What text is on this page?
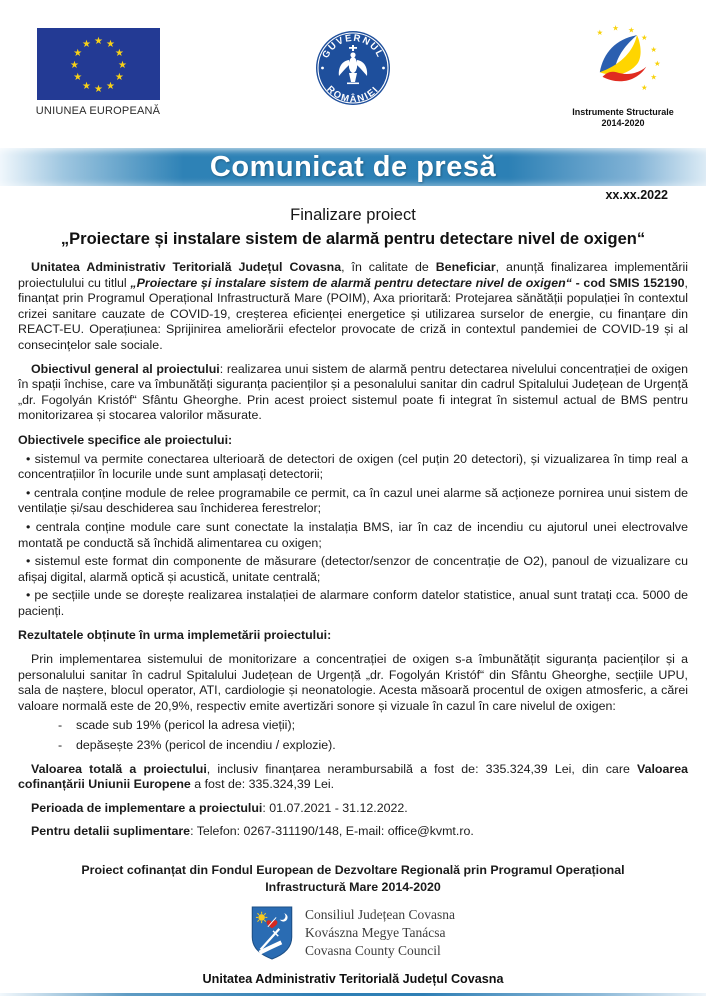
★ ★
★
★
★
★
★
★
★
★
★
★
UNIUNEA EUROPEANĂ
GUVERNUL
ROMÂNIEI
★
★ ★
★
★
★
★
★
Instrumente Structurale
2014-2020
Comunicat de presă
xx.xx.2022
Finalizare proiect
„Proiectare și instalare sistem de alarmă pentru detectare nivel de oxigen“

Unitatea Administrativ Teritorială Județul Covasna, în calitate de Beneficiar, anunță finalizarea implementării proiectulului cu titlul „Proiectare și instalare sistem de alarmă pentru detectare nivel de oxigen“ - cod SMIS 152190, finanțat prin Programul Operațional Infrastructură Mare (POIM), Axa prioritară: Protejarea sănătății populației în contextul crizei sanitare cauzate de COVID-19, creșterea eficienței energetice și utilizarea surselor de energie, cu finanțare din REACT-EU. Operațiunea: Sprijinirea ameliorării efectelor provocate de criză in contextul pandemiei de COVID-19 și al consecințelor sale sociale.

Obiectivul general al proiectului: realizarea unui sistem de alarmă pentru detectarea nivelului concentrației de oxigen în spații închise, care va îmbunătăți siguranța pacienților și a pesonalului sanitar din cadrul Spitalului Județean de Urgență „dr. Fogolyán Kristóf“ Sfântu Gheorghe. Prin acest proiect sistemul poate fi integrat în sistemul actual de BMS pentru monitorizarea și stocarea valorilor măsurate.

Obiectivele specifice ale proiectului:

• sistemul va permite conectarea ulterioară de detectori de oxigen (cel puțin 20 detectori), și vizualizarea în timp real a concentrațiilor în locurile unde sunt amplasați detectorii;

• centrala conține module de relee programabile ce permit, ca în cazul unei alarme să acționeze pornirea unui sistem de ventilație și/sau deschiderea sau închiderea ferestrelor;

• centrala conține module care sunt conectate la instalația BMS, iar în caz de incendiu cu ajutorul unei electrovalve montată pe conductă să închidă alimentarea cu oxigen;

• sistemul este format din componente de măsurare (detector/senzor de concentrație de O2), panoul de vizualizare cu afișaj digital, alarmă optică și acustică, unitate centrală;

• pe secțiile unde se dorește realizarea instalației de alarmare conform datelor statistice, anual sunt tratați cca. 5000 de pacienți.

Rezultatele obținute în urma implemetării proiectului:

Prin implementarea sistemului de monitorizare a concentrației de oxigen s-a îmbunătățit siguranța pacienților și a personalului sanitar în cadrul Spitalului Județean de Urgență „dr. Fogolyán Kristóf“ din Sfântu Gheorghe, secțiile UPU, sala de naștere, blocul operator, ATI, cardiologie și neonatologie. Acesta măsoară procentul de oxigen atmosferic, a cărei valoare normală este de 20,9%, respectiv emite avertizări sonore și vizuale în cazul în care nivelul de oxigen:

- scade sub 19% (pericol la adresa vieții);

- depăsește 23% (pericol de incendiu / explozie).

Valoarea totală a proiectului, inclusiv finanțarea nerambursabilă a fost de: 335.324,39 Lei, din care Valoarea cofinanțării Uniunii Europene a fost de: 335.324,39 Lei.

Perioada de implementare a proiectului: 01.07.2021 - 31.12.2022.

Pentru detalii suplimentare: Telefon: 0267-311190/148, E-mail: office@kvmt.ro.

Proiect cofinanțat din Fondul European de Dezvoltare Regională prin Programul Operațional
Infrastructură Mare 2014-2020

Consiliul Județean Covasna
Kovászna Megye Tanácsa
Covasna County Council
Unitatea Administrativ Teritorială Județul Covasna
